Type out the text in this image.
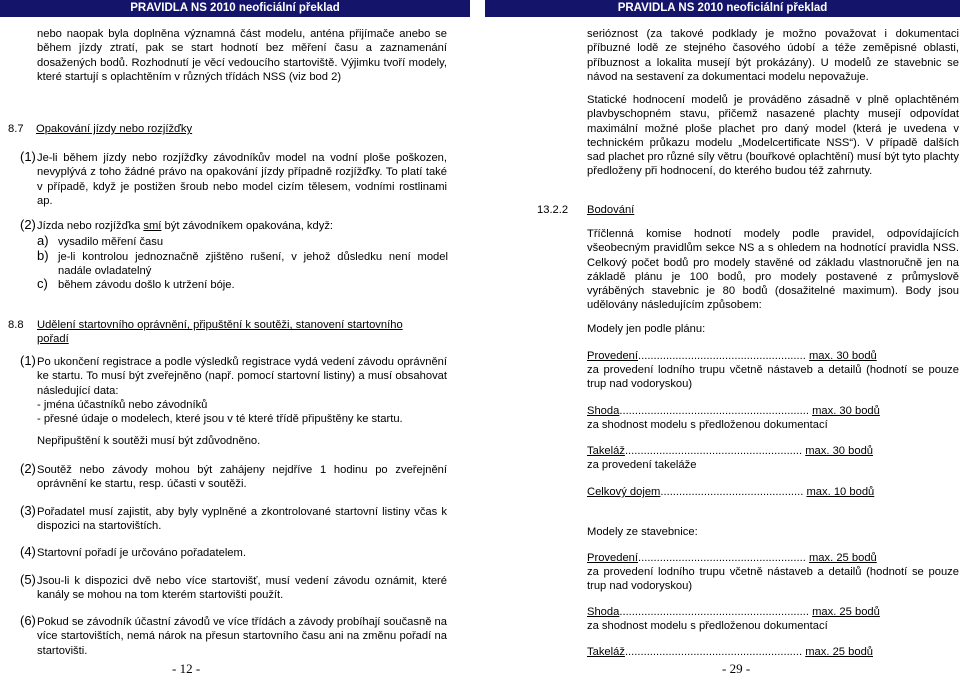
PRAVIDLA NS 2010 neoficiální překlad	PRAVIDLA NS 2010 neoficiální překlad

nebo naopak byla doplněna významná část modelu, anténa přijímače anebo se během jízdy ztratí, pak se start hodnotí bez měření času a zaznamenání dosažených bodů. Rozhodnutí je věcí vedoucího startoviště. Výjimku tvoří modely, které startují s oplachtěním v různých třídách NSS (viz bod 2)

8.7 Opakování jízdy nebo rozjížďky
(1) Je-li během jízdy nebo rozjížďky závodníkův model na vodní ploše poškozen, nevyplývá z toho žádné právo na opakování jízdy případně rozjížďky. To platí také v případě, když je postižen šroub nebo model cizím tělesem, vodními rostlinami ap.

(2) Jízda nebo rozjížďka smí být závodníkem opakována, když:

a) vysadilo měření času
b) je-li kontrolou jednoznačně zjištěno rušení, v jehož důsledku není model nadále ovladatelný

c) během závodu došlo k utržení bóje.
8.8 Udělení startovního oprávnění, připuštění k soutěži, stanovení startovního pořadí

(1) Po ukončení registrace a podle výsledků registrace vydá vedení závodu oprávnění ke startu. To musí být zveřejněno (např. pomocí startovní listiny) a musí obsahovat následující data:

- jména účastníků nebo závodníků

- přesné údaje o modelech, které jsou v té které třídě připuštěny ke startu.

Nepřipuštění k soutěži musí být zdůvodněno.
(2) Soutěž nebo závody mohou být zahájeny nejdříve 1 hodinu po zveřejnění oprávnění ke startu, resp. účasti v soutěži.

(3) Pořadatel musí zajistit, aby byly vyplněné a zkontrolované startovní listiny včas k dispozici na startovištích.

(4) Startovní pořadí je určováno pořadatelem.
(5) Jsou-li k dispozici dvě nebo více startovišť, musí vedení závodu oznámit, které kanály se mohou na tom kterém startovišti použít.

(6) Pokud se závodník účastní závodů ve více třídách a závody probíhají současně na více startovištích, nemá nárok na přesun startovního času ani na změnu pořadí na startovišti.

- 12 -

serióznost (za takové podklady je možno považovat i dokumentaci příbuzné lodě ze stejného časového údobí a téže zeměpisné oblasti, příbuznost a lokalita musejí být prokázány). U modelů ze stavebnic se návod na sestavení za dokumentaci modelu nepovažuje.

Statické hodnocení modelů je prováděno zásadně v plně oplachtěném plavbyschopném stavu, přičemž nasazené plachty musejí odpovídat maximální možné ploše plachet pro daný model (která je uvedena v technickém průkazu modelu „Modelcertificate NSS“). V případě dalších sad plachet pro různé síly větru (bouřkové oplachtění) musí být tyto plachty předloženy při hodnocení, do kterého budou též zahrnuty.

13.2.2 Bodování

Tříčlenná komise hodnotí modely podle pravidel, odpovídajících všeobecným pravidlům sekce NS a s ohledem na hodnotící pravidla NSS. Celkový počet bodů pro modely stavěné od základu vlastnoručně jen na základě plánu je 100 bodů, pro modely postavené z průmyslově vyráběných stavebnic je 80 bodů (dosažitelné maximum). Body jsou udělovány následujícím způsobem:

Modely jen podle plánu:
Provedení...................................................... max. 30 bodů

za provedení lodního trupu včetně nástaveb a detailů (hodnotí se pouze trup nad vodoryskou)

Shoda............................................................. max. 30 bodů

za shodnost modelu s předloženou dokumentací

Takeláž......................................................... max. 30 bodů

za provedení takeláže

Celkový dojem.............................................. max. 10 bodů
Modely ze stavebnice:
Provedení...................................................... max. 25 bodů

za provedení lodního trupu včetně nástaveb a detailů (hodnotí se pouze trup nad vodoryskou)

Shoda............................................................. max. 25 bodů

za shodnost modelu s předloženou dokumentací

Takeláž......................................................... max. 25 bodů
- 29 -
